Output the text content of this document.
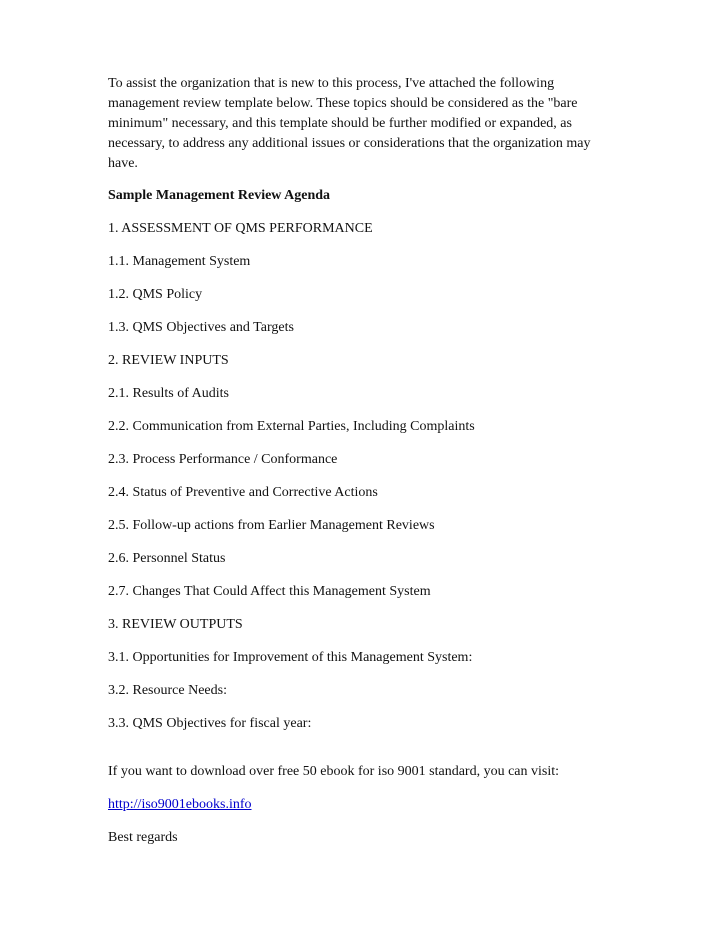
To assist the organization that is new to this process, I've attached the following
management review template below. These topics should be considered as the "bare
minimum" necessary, and this template should be further modified or expanded, as
necessary, to address any additional issues or considerations that the organization may
have.

Sample Management Review Agenda

1. ASSESSMENT OF QMS PERFORMANCE

1.1. Management System

1.2. QMS Policy

1.3. QMS Objectives and Targets

2. REVIEW INPUTS

2.1. Results of Audits

2.2. Communication from External Parties, Including Complaints

2.3. Process Performance / Conformance

2.4. Status of Preventive and Corrective Actions

2.5. Follow-up actions from Earlier Management Reviews

2.6. Personnel Status

2.7. Changes That Could Affect this Management System

3. REVIEW OUTPUTS

3.1. Opportunities for Improvement of this Management System:

3.2. Resource Needs:

3.3. QMS Objectives for fiscal year:

If you want to download over free 50 ebook for iso 9001 standard, you can visit:

http://iso9001ebooks.info

Best regards
